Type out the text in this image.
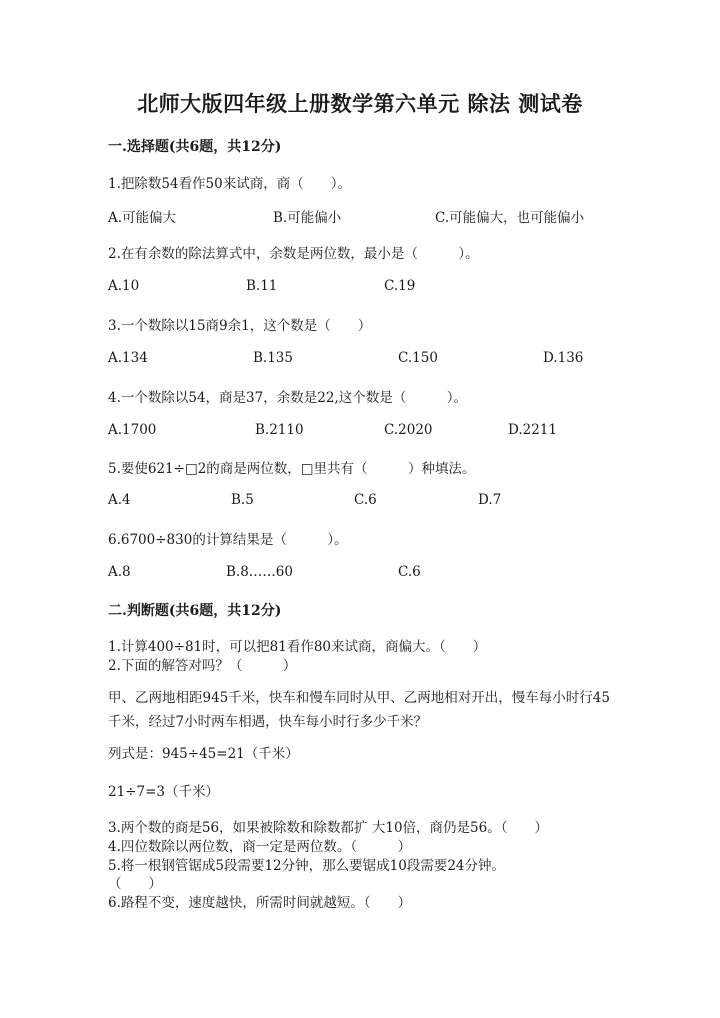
北师大版四年级上册数学第六单元 除法 测试卷
一.选择题(共6题，共12分)
1.把除数54看作50来试商，商（　　）。
A.可能偏大	B.可能偏小	C.可能偏大，也可能偏小
2.在有余数的除法算式中，余数是两位数，最小是（　　　）。
A.10	B.11	C.19
3.一个数除以15商9余1，这个数是（　　）
A.134	B.135	C.150	D.136
4.一个数除以54，商是37，余数是22,这个数是（　　　）。
A.1700	B.2110	C.2020	D.2211
5.要使621÷□2的商是两位数，□里共有（　　　）种填法。
A.4	B.5	C.6	D.7
6.6700÷830的计算结果是（　　　）。
A.8	B.8……60	C.6
二.判断题(共6题，共12分)
1.计算400÷81时，可以把81看作80来试商，商偏大。（　　）
2.下面的解答对吗？（　　　）
甲、乙两地相距945千米，快车和慢车同时从甲、乙两地相对开出，慢车每小时行45千米，经过7小时两车相遇，快车每小时行多少千米？
列式是：945÷45=21（千米）
21÷7=3（千米）
3.两个数的商是56，如果被除数和除数都扩 大10倍，商仍是56。（　　）
4.四位数除以两位数，商一定是两位数。（　　　）
5.将一根钢管锯成5段需要12分钟，那么要锯成10段需要24分钟。
（　　）
6.路程不变，速度越快，所需时间就越短。（　　）
